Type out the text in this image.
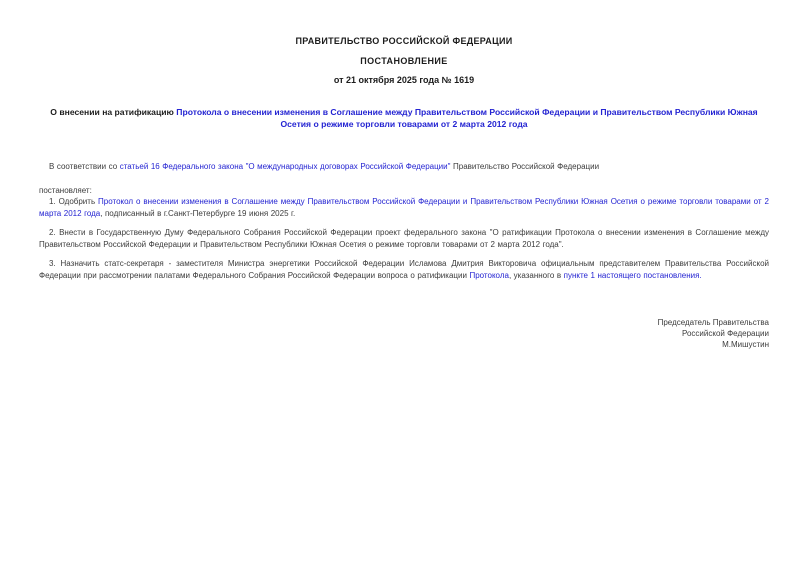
ПРАВИТЕЛЬСТВО РОССИЙСКОЙ ФЕДЕРАЦИИ
ПОСТАНОВЛЕНИЕ
от 21 октября 2025 года № 1619
О внесении на ратификацию Протокола о внесении изменения в Соглашение между Правительством Российской Федерации и Правительством Республики Южная Осетия о режиме торговли товарами от 2 марта 2012 года

В соответствии со статьей 16 Федерального закона "О международных договорах Российской Федерации" Правительство Российской Федерации

постановляет:

1. Одобрить Протокол о внесении изменения в Соглашение между Правительством Российской Федерации и Правительством Республики Южная Осетия о режиме торговли товарами от 2 марта 2012 года, подписанный в г.Санкт-Петербурге 19 июня 2025 г.

2. Внести в Государственную Думу Федерального Собрания Российской Федерации проект федерального закона "О ратификации Протокола о внесении изменения в Соглашение между Правительством Российской Федерации и Правительством Республики Южная Осетия о режиме торговли товарами от 2 марта 2012 года".

3. Назначить статс-секретаря - заместителя Министра энергетики Российской Федерации Исламова Дмитрия Викторовича официальным представителем Правительства Российской Федерации при рассмотрении палатами Федерального Собрания Российской Федерации вопроса о ратификации Протокола, указанного в пункте 1 настоящего постановления.

Председатель Правительства
Российской Федерации
М.Мишустин
